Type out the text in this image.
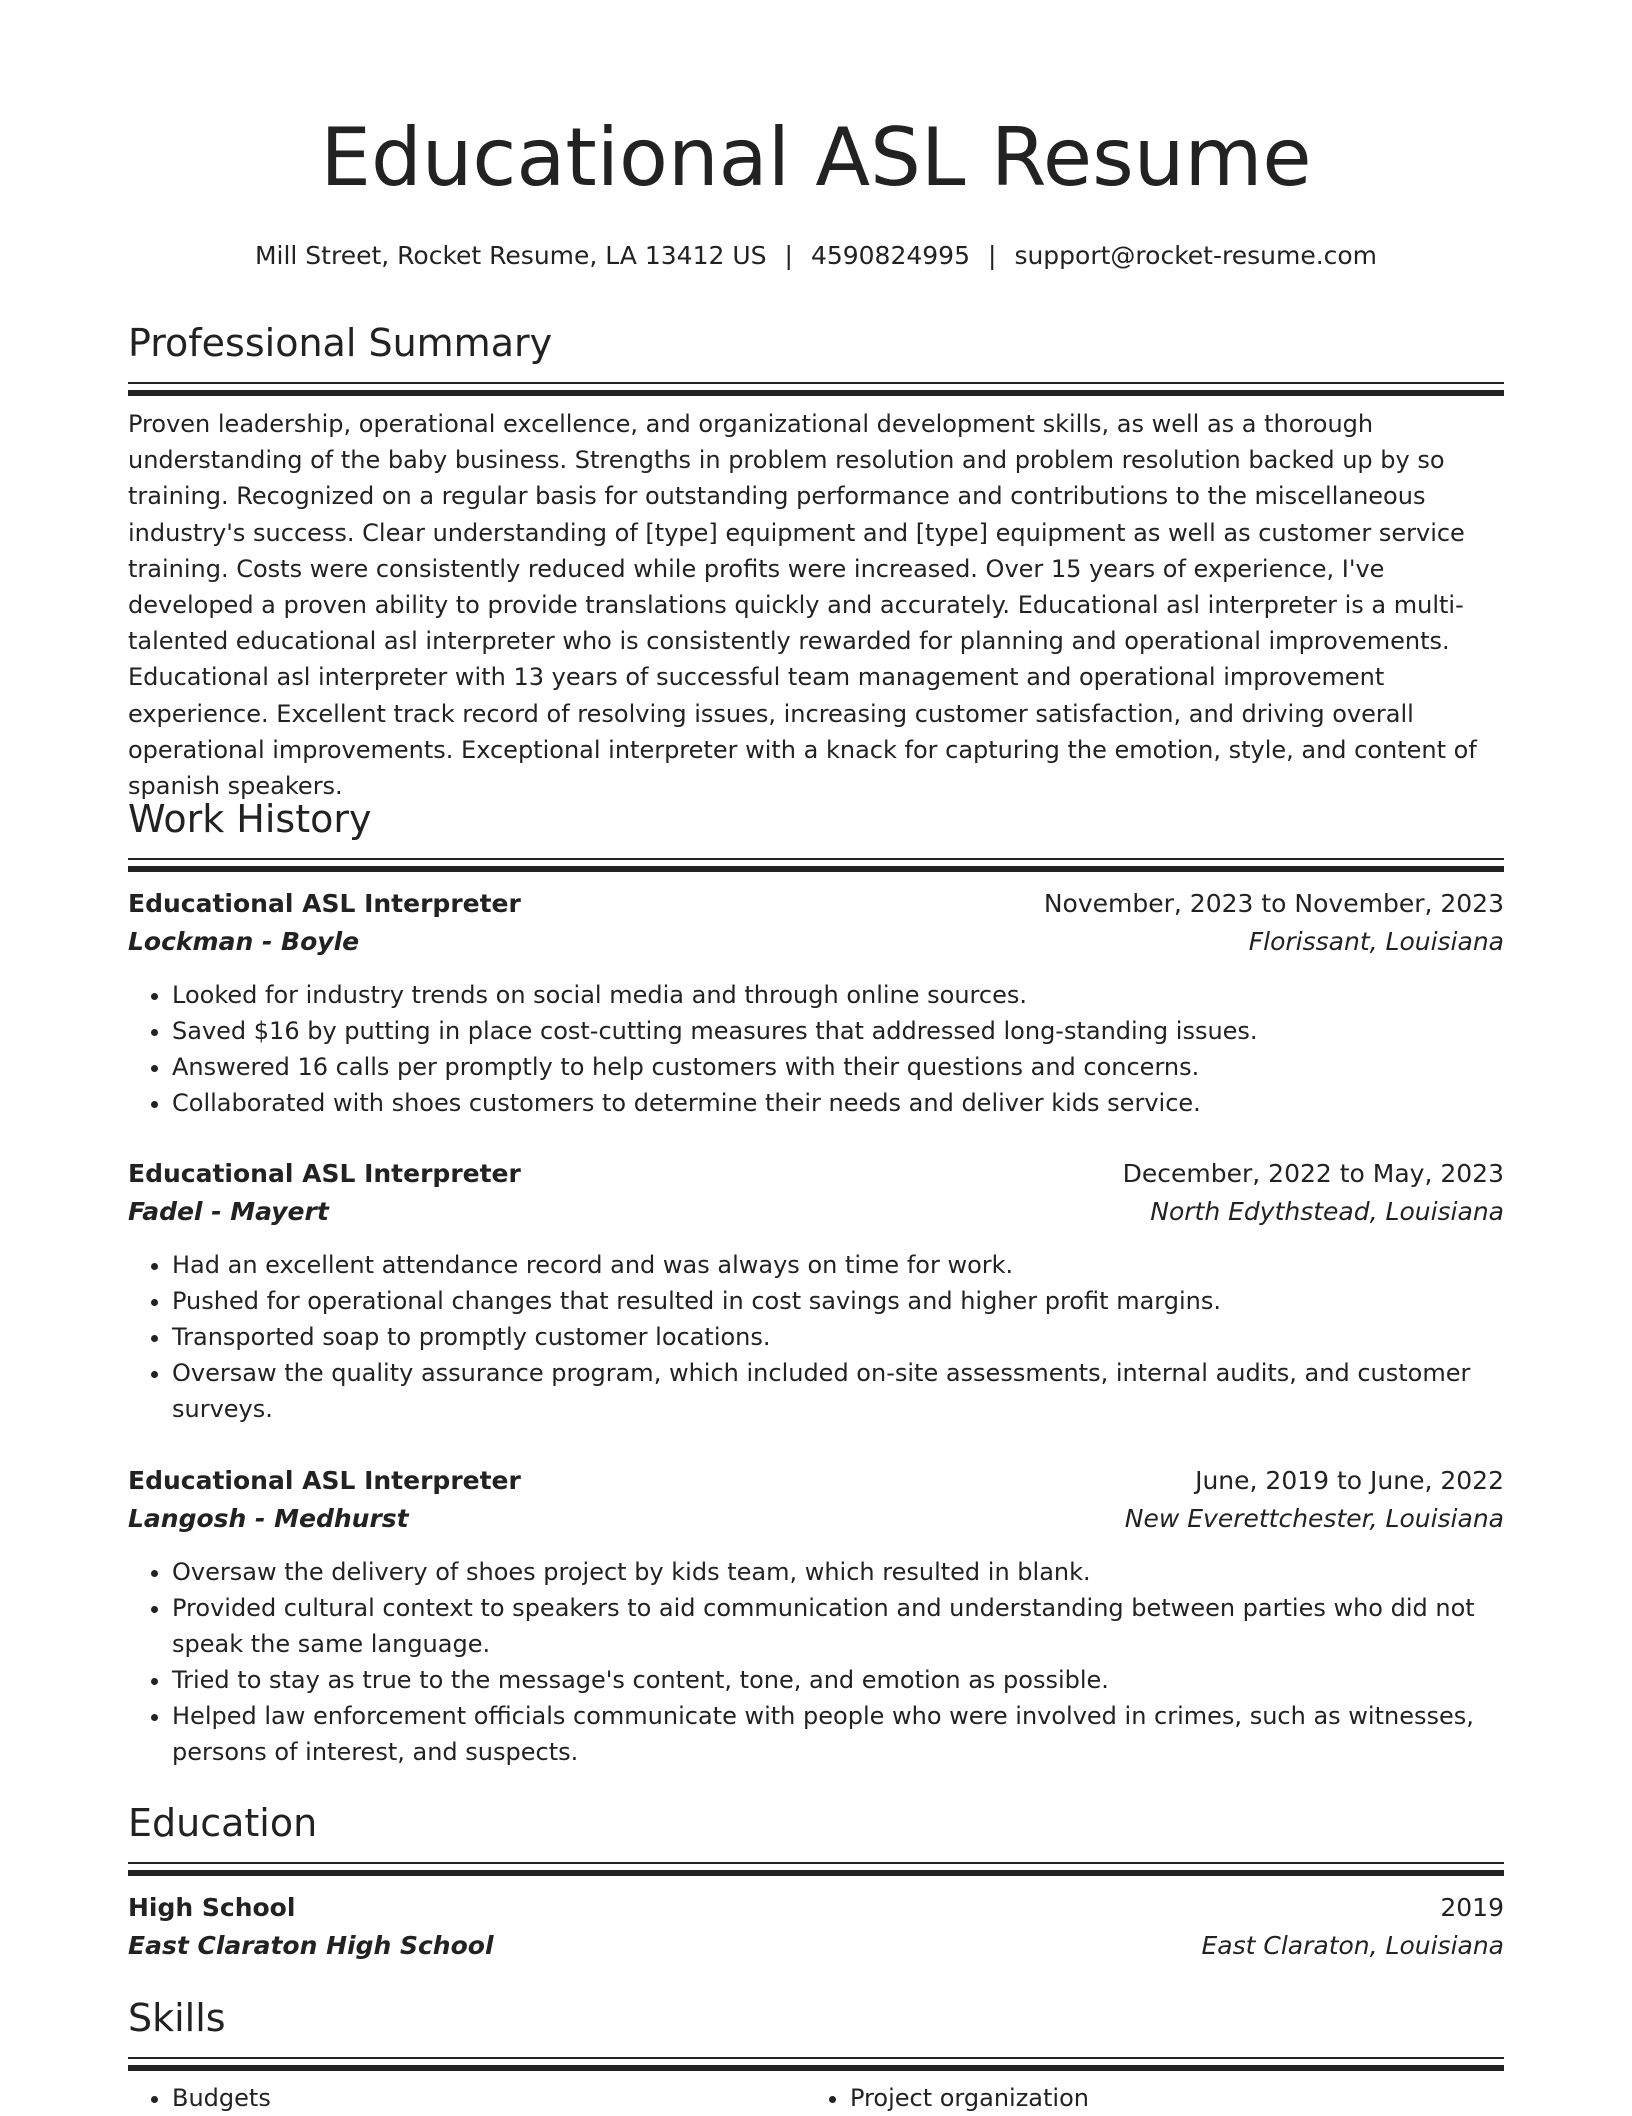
Educational ASL Resume
Mill Street, Rocket Resume, LA 13412 US | 4590824995 | support@rocket-resume.com
Professional Summary

Proven leadership, operational excellence, and organizational development skills, as well as a thorough understanding of the baby business. Strengths in problem resolution and problem resolution backed up by so training. Recognized on a regular basis for outstanding performance and contributions to the miscellaneous industry's success. Clear understanding of [type] equipment and [type] equipment as well as customer service training. Costs were consistently reduced while profits were increased. Over 15 years of experience, I've developed a proven ability to provide translations quickly and accurately. Educational asl interpreter is a multi-talented educational asl interpreter who is consistently rewarded for planning and operational improvements. Educational asl interpreter with 13 years of successful team management and operational improvement experience. Excellent track record of resolving issues, increasing customer satisfaction, and driving overall operational improvements. Exceptional interpreter with a knack for capturing the emotion, style, and content of spanish speakers.

Work History
Educational ASL Interpreter	November, 2023 to November, 2023
Lockman - Boyle	Florissant, Louisiana
• Looked for industry trends on social media and through online sources.
• Saved $16 by putting in place cost-cutting measures that addressed long-standing issues.
• Answered 16 calls per promptly to help customers with their questions and concerns.
• Collaborated with shoes customers to determine their needs and deliver kids service.
Educational ASL Interpreter	December, 2022 to May, 2023
Fadel - Mayert	North Edythstead, Louisiana
• Had an excellent attendance record and was always on time for work.
• Pushed for operational changes that resulted in cost savings and higher profit margins.
• Transported soap to promptly customer locations.
• Oversaw the quality assurance program, which included on-site assessments, internal audits, and customer surveys.
Educational ASL Interpreter	June, 2019 to June, 2022
Langosh - Medhurst	New Everettchester, Louisiana
• Oversaw the delivery of shoes project by kids team, which resulted in blank.
• Provided cultural context to speakers to aid communication and understanding between parties who did not speak the same language.
• Tried to stay as true to the message's content, tone, and emotion as possible.
• Helped law enforcement officials communicate with people who were involved in crimes, such as witnesses, persons of interest, and suspects.
Education
High School	2019
East Claraton High School	East Claraton, Louisiana
Skills
• Budgets
•	Project organization
